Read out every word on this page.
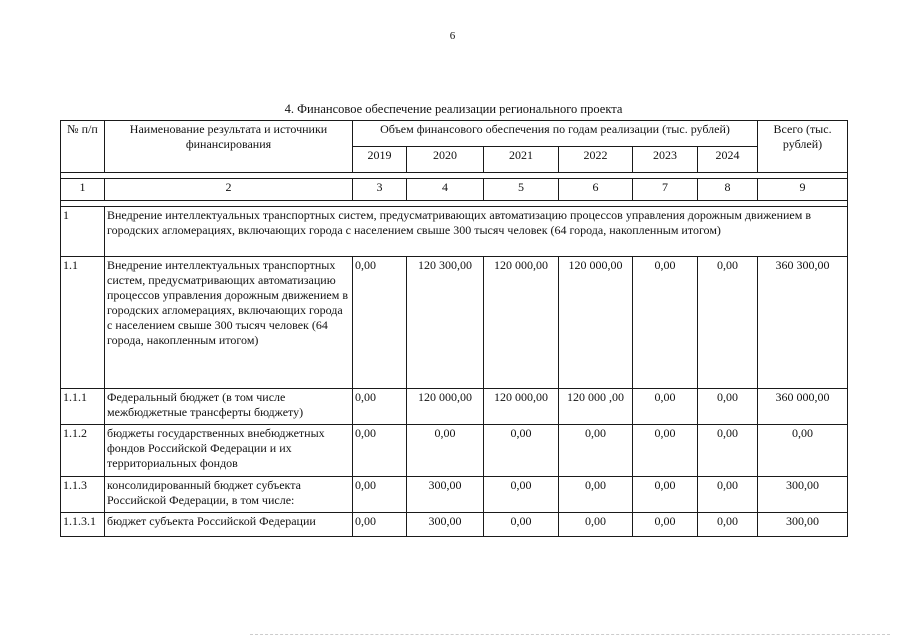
6
4. Финансовое обеспечение реализации регионального проекта
№ п/п	Наименование результата и источники финансирования	Объем финансового обеспечения по годам реализации (тыс. рублей)						Всего (тыс. рублей)
		2019	2020	2021	2022	2023	2024	

1	2	3	4	5	6	7	8	9

1	Внедрение интеллектуальных транспортных систем, предусматривающих автоматизацию процессов управления дорожным движением в городских агломерациях, включающих города с населением свыше 300 тысяч человек (64 города, накопленным итогом)							
1.1	Внедрение интеллектуальных транспортных систем, предусматривающих автоматизацию процессов управления дорожным движением в городских агломерациях, включающих города с населением свыше 300 тысяч человек (64 города, накопленным итогом)	0,00	120 300,00	120 000,00	120 000,00	0,00	0,00	360 300,00
1.1.1	Федеральный бюджет (в том числе межбюджетные трансферты бюджету)	0,00	120 000,00	120 000,00	120 000 ,00	0,00	0,00	360 000,00
1.1.2	бюджеты государственных внебюджетных фондов Российской Федерации и их территориальных фондов	0,00	0,00	0,00	0,00	0,00	0,00	0,00
1.1.3	консолидированный бюджет субъекта Российской Федерации, в том числе:	0,00	300,00	0,00	0,00	0,00	0,00	300,00
1.1.3.1	бюджет субъекта Российской Федерации	0,00	300,00	0,00	0,00	0,00	0,00	300,00
